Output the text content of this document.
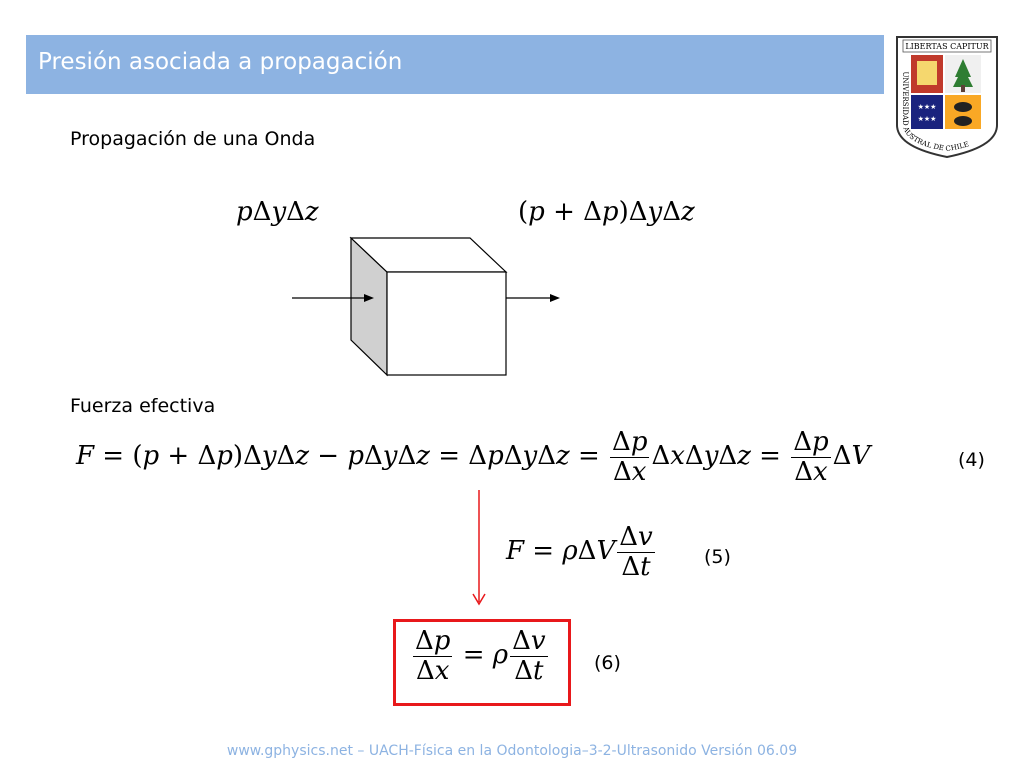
Presión asociada a propagación
LIBERTAS CAPITUR
★★★
★★★
UNIVERSIDAD AUSTRAL DE CHILE
Propagación de una Onda
pΔyΔz	(p + Δp)ΔyΔz
Fuerza efectiva
$F = (p + \Delta p)\Delta y\Delta z - p\Delta y\Delta z = \Delta p\Delta y\Delta z = \frac{\Delta p}{\Delta x}$ $\Delta x\Delta y\Delta z = \frac{\Delta p}{\Delta x}$ ΔV	(4)
F = ρΔV $\frac{\Delta v}{\Delta t}$	(5)
$\frac{\Delta p}{\Delta x} = \rho \frac{\Delta v}{\Delta t} (6)$
www.gphysics.net – UACH-Física en la Odontologia–3-2-Ultrasonido Versión 06.09
